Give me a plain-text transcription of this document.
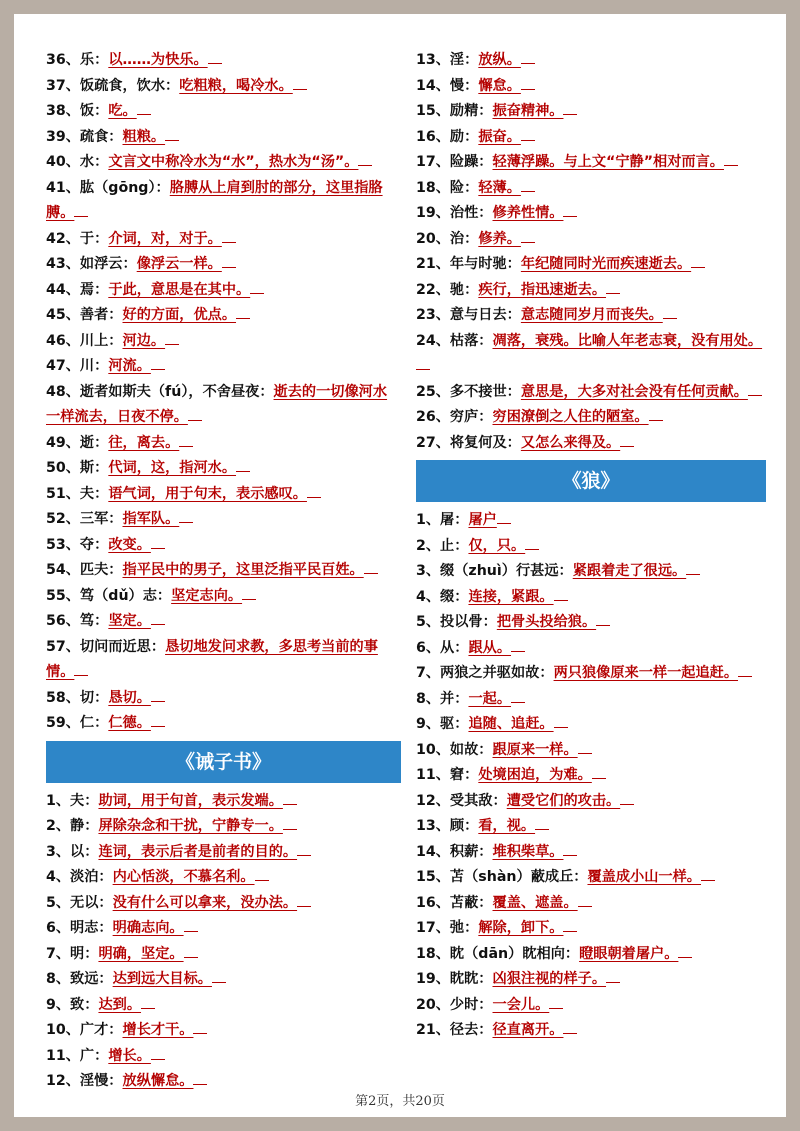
36、乐：以……为快乐。
37、饭疏食，饮水：吃粗粮，喝冷水。
38、饭：吃。
39、疏食：粗粮。
40、水：文言文中称冷水为“水”，热水为“汤”。
41、肱（gōng）：胳膊从上肩到肘的部分，这里指胳膊。
42、于：介词，对，对于。
43、如浮云：像浮云一样。
44、焉：于此，意思是在其中。
45、善者：好的方面，优点。
46、川上：河边。
47、川：河流。
48、逝者如斯夫（fú），不舍昼夜：逝去的一切像河水一样流去，日夜不停。
49、逝：往，离去。
50、斯：代词，这，指河水。
51、夫：语气词，用于句末，表示感叹。
52、三军：指军队。
53、夺：改变。
54、匹夫：指平民中的男子，这里泛指平民百姓。
55、笃（dǔ）志：坚定志向。
56、笃：坚定。
57、切问而近思：恳切地发问求教，多思考当前的事情。
58、切：恳切。
59、仁：仁德。
《诫子书》
1、夫：助词，用于句首，表示发端。
2、静：屏除杂念和干扰，宁静专一。
3、以：连词，表示后者是前者的目的。
4、淡泊：内心恬淡，不慕名利。
5、无以：没有什么可以拿来，没办法。
6、明志：明确志向。
7、明：明确，坚定。
8、致远：达到远大目标。
9、致：达到。
10、广才：增长才干。
11、广：增长。
12、淫慢：放纵懈怠。
13、淫：放纵。
14、慢：懈怠。
15、励精：振奋精神。
16、励：振奋。
17、险躁：轻薄浮躁。与上文“宁静”相对而言。
18、险：轻薄。
19、治性：修养性情。
20、治：修养。
21、年与时驰：年纪随同时光而疾速逝去。
22、驰：疾行，指迅速逝去。
23、意与日去：意志随同岁月而丧失。
24、枯落：凋落，衰残。比喻人年老志衰，没有用处。
25、多不接世：意思是，大多对社会没有任何贡献。
26、穷庐：穷困潦倒之人住的陋室。
27、将复何及：又怎么来得及。
《狼》
1、屠：屠户
2、止：仅，只。
3、缀（zhuì）行甚远：紧跟着走了很远。
4、缀：连接，紧跟。
5、投以骨：把骨头投给狼。
6、从：跟从。
7、两狼之并驱如故：两只狼像原来一样一起追赶。
8、并：一起。
9、驱：追随、追赶。
10、如故：跟原来一样。
11、窘：处境困迫，为难。
12、受其敌：遭受它们的攻击。
13、顾：看，视。
14、积薪：堆积柴草。
15、苫（shàn）蔽成丘：覆盖成小山一样。
16、苫蔽：覆盖、遮盖。
17、弛：解除，卸下。
18、眈（dān）眈相向：瞪眼朝着屠户。
19、眈眈：凶狠注视的样子。
20、少时：一会儿。
21、径去：径直离开。
第2页，共20页
